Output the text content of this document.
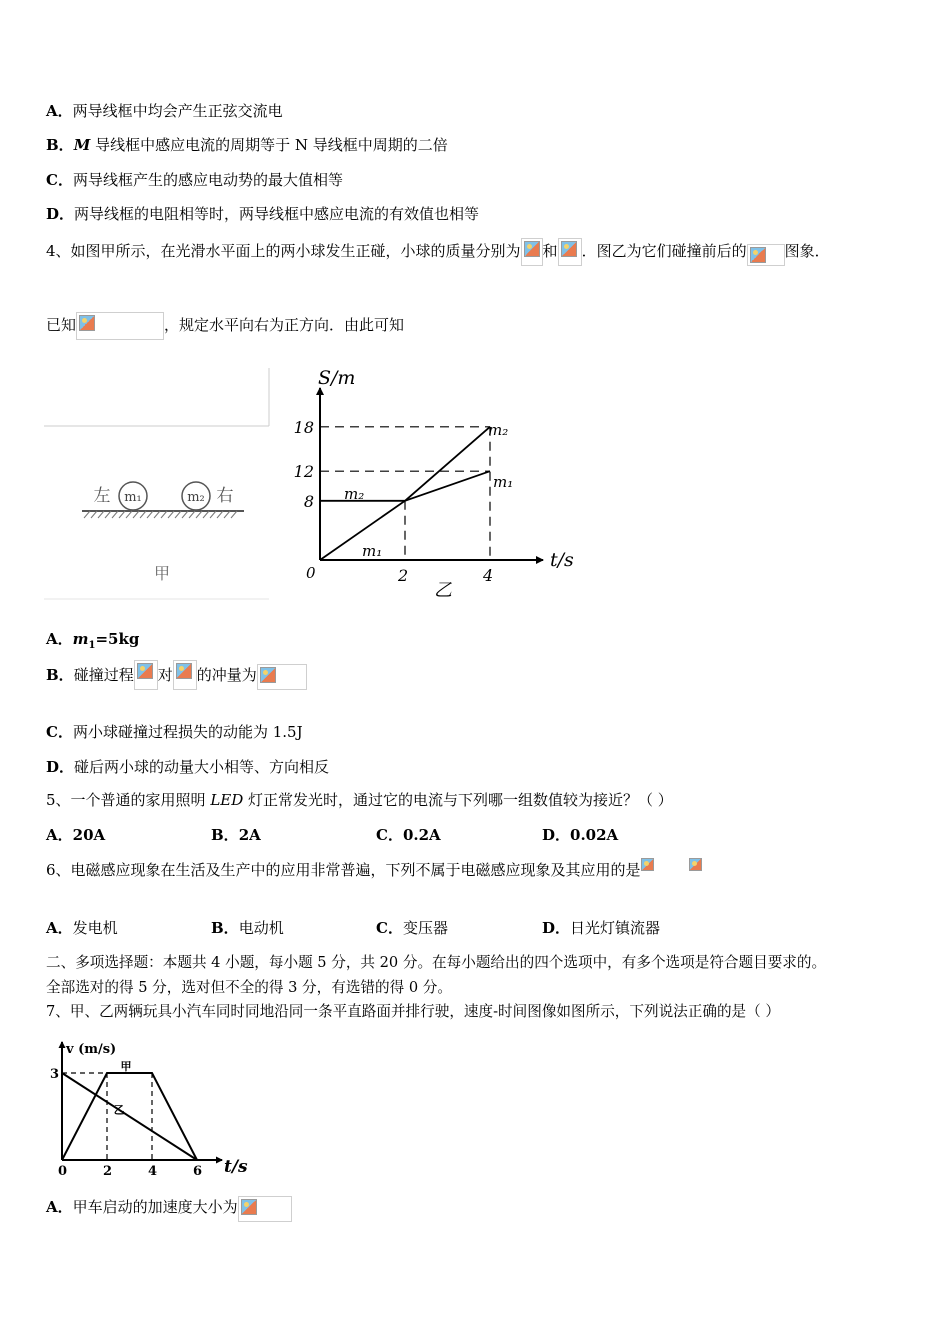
A．两导线框中均会产生正弦交流电
B．M 导线框中感应电流的周期等于 N 导线框中周期的二倍
C．两导线框产生的感应电动势的最大值相等
D．两导线框的电阻相等时，两导线框中感应电流的有效值也相等
4、如图甲所示，在光滑水平面上的两小球发生正碰，小球的质量分别为 和 ．图乙为它们碰撞前后的	图象．
已知	，规定水平向右为正方向．由此可知
m₁	m₂
左	右
甲
S/m
t/s
0
乙
18
12
8
2	4
m₂
m₁
m₂
m₁
A．$m_1=5kg$
B．碰撞过程 对 的冲量为
C．两小球碰撞过程损失的动能为 1.5J
D．碰后两小球的动量大小相等、方向相反
5、一个普通的家用照明 LED 灯正常发光时，通过它的电流与下列哪一组数值较为接近？（ ）
A．20A	B．2A	C．0.2A	D．0.02A
6、电磁感应现象在生活及生产中的应用非常普遍，下列不属于电磁感应现象及其应用的是
A．发电机	B．电动机	C．变压器	D．日光灯镇流器
二、多项选择题：本题共 4 小题，每小题 5 分，共 20 分。在每小题给出的四个选项中，有多个选项是符合题目要求的。
全部选对的得 5 分，选对但不全的得 3 分，有选错的得 0 分。
7、甲、乙两辆玩具小汽车同时同地沿同一条平直路面并排行驶，速度-时间图像如图所示，下列说法正确的是（ ）
v (m/s)
t/s
3
0	2	4	6
甲
乙
A．甲车启动的加速度大小为
